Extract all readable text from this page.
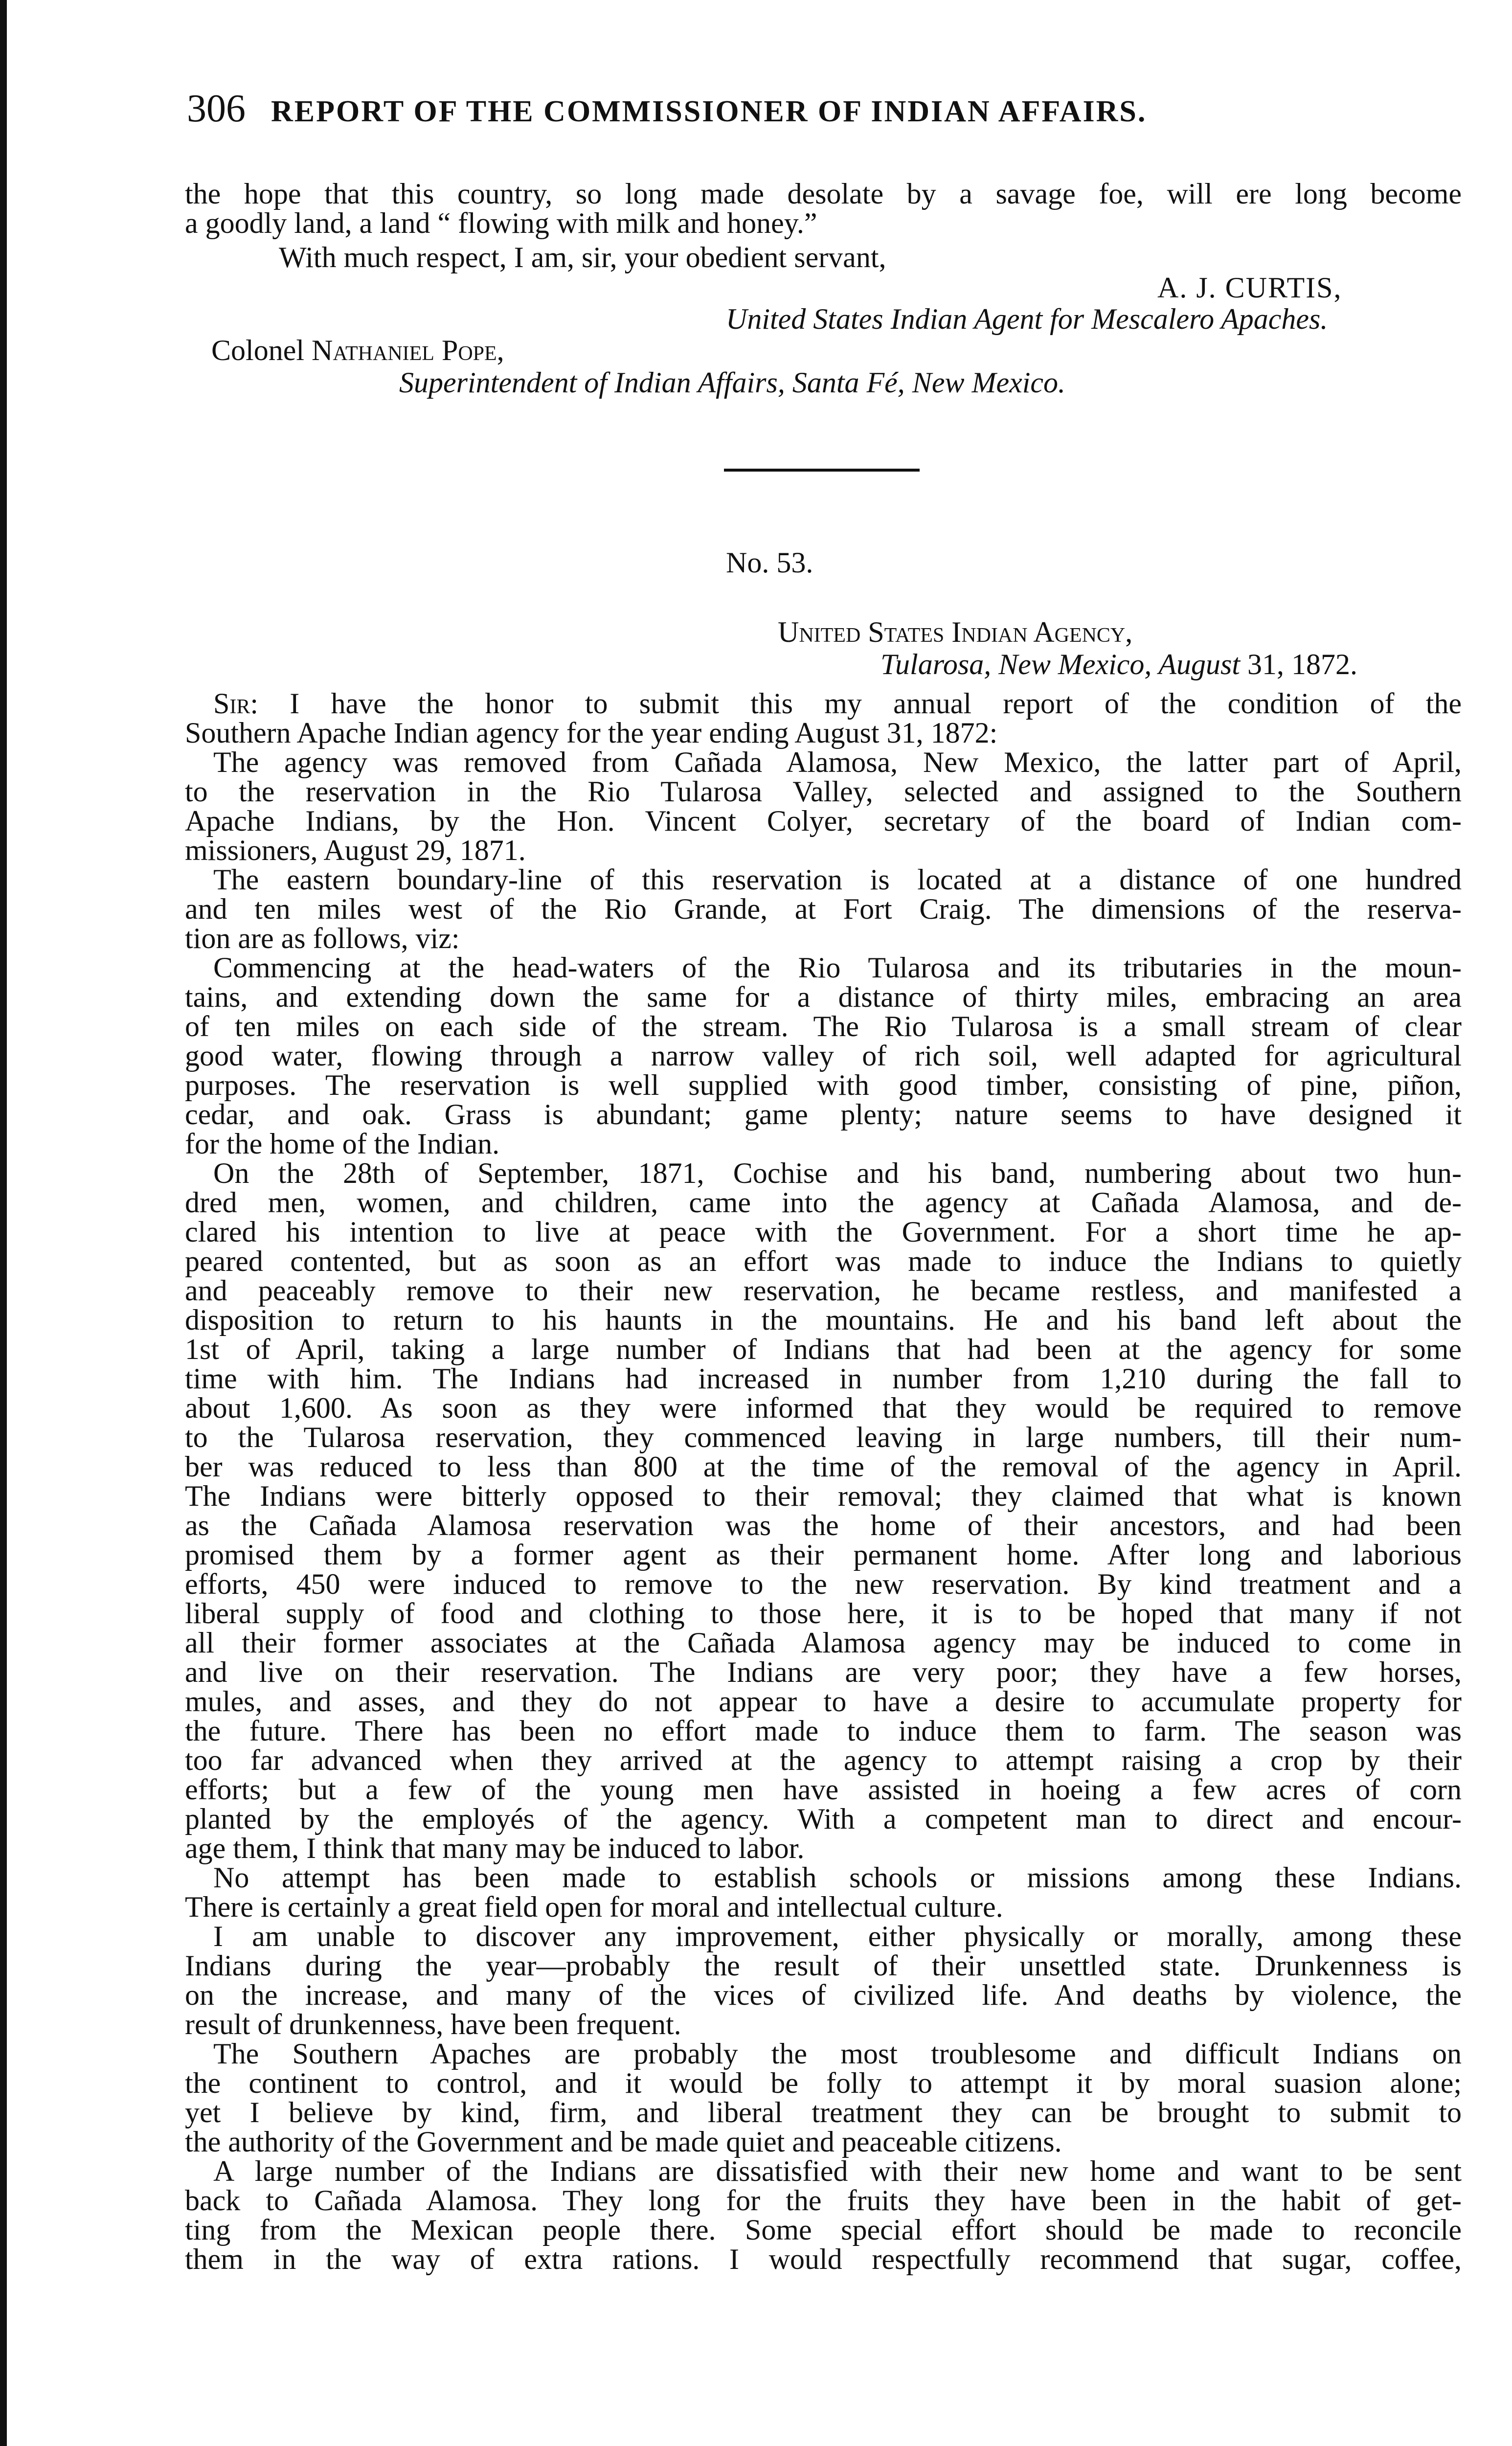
306 REPORT OF THE COMMISSIONER OF INDIAN AFFAIRS.
the hope that this country, so long made desolate by a savage foe, will ere long become
a goodly land, a land “ flowing with milk and honey.”
With much respect, I am, sir, your obedient servant,
A. J. CURTIS,
United States Indian Agent for Mescalero Apaches.
Colonel Nathaniel Pope,
Superintendent of Indian Affairs, Santa Fé, New Mexico.
No. 53.
United States Indian Agency,
Tularosa, New Mexico, August 31, 1872.
Sir: I have the honor to submit this my annual report of the condition of the
Southern Apache Indian agency for the year ending August 31, 1872:
The agency was removed from Cañada Alamosa, New Mexico, the latter part of April,
to the reservation in the Rio Tularosa Valley, selected and assigned to the Southern
Apache Indians, by the Hon. Vincent Colyer, secretary of the board of Indian com-
missioners, August 29, 1871.
The eastern boundary-line of this reservation is located at a distance of one hundred
and ten miles west of the Rio Grande, at Fort Craig. The dimensions of the reserva-
tion are as follows, viz:
Commencing at the head-waters of the Rio Tularosa and its tributaries in the moun-
tains, and extending down the same for a distance of thirty miles, embracing an area
of ten miles on each side of the stream. The Rio Tularosa is a small stream of clear
good water, flowing through a narrow valley of rich soil, well adapted for agricultural
purposes. The reservation is well supplied with good timber, consisting of pine, piñon,
cedar, and oak. Grass is abundant; game plenty; nature seems to have designed it
for the home of the Indian.
On the 28th of September, 1871, Cochise and his band, numbering about two hun-
dred men, women, and children, came into the agency at Cañada Alamosa, and de-
clared his intention to live at peace with the Government. For a short time he ap-
peared contented, but as soon as an effort was made to induce the Indians to quietly
and peaceably remove to their new reservation, he became restless, and manifested a
disposition to return to his haunts in the mountains. He and his band left about the
1st of April, taking a large number of Indians that had been at the agency for some
time with him. The Indians had increased in number from 1,210 during the fall to
about 1,600. As soon as they were informed that they would be required to remove
to the Tularosa reservation, they commenced leaving in large numbers, till their num-
ber was reduced to less than 800 at the time of the removal of the agency in April.
The Indians were bitterly opposed to their removal; they claimed that what is known
as the Cañada Alamosa reservation was the home of their ancestors, and had been
promised them by a former agent as their permanent home. After long and laborious
efforts, 450 were induced to remove to the new reservation. By kind treatment and a
liberal supply of food and clothing to those here, it is to be hoped that many if not
all their former associates at the Cañada Alamosa agency may be induced to come in
and live on their reservation. The Indians are very poor; they have a few horses,
mules, and asses, and they do not appear to have a desire to accumulate property for
the future. There has been no effort made to induce them to farm. The season was
too far advanced when they arrived at the agency to attempt raising a crop by their
efforts; but a few of the young men have assisted in hoeing a few acres of corn
planted by the employés of the agency. With a competent man to direct and encour-
age them, I think that many may be induced to labor.
No attempt has been made to establish schools or missions among these Indians.
There is certainly a great field open for moral and intellectual culture.
I am unable to discover any improvement, either physically or morally, among these
Indians during the year—probably the result of their unsettled state. Drunkenness is
on the increase, and many of the vices of civilized life. And deaths by violence, the
result of drunkenness, have been frequent.
The Southern Apaches are probably the most troublesome and difficult Indians on
the continent to control, and it would be folly to attempt it by moral suasion alone;
yet I believe by kind, firm, and liberal treatment they can be brought to submit to
the authority of the Government and be made quiet and peaceable citizens.
A large number of the Indians are dissatisfied with their new home and want to be sent
back to Cañada Alamosa. They long for the fruits they have been in the habit of get-
ting from the Mexican people there. Some special effort should be made to reconcile
them in the way of extra rations. I would respectfully recommend that sugar, coffee,
